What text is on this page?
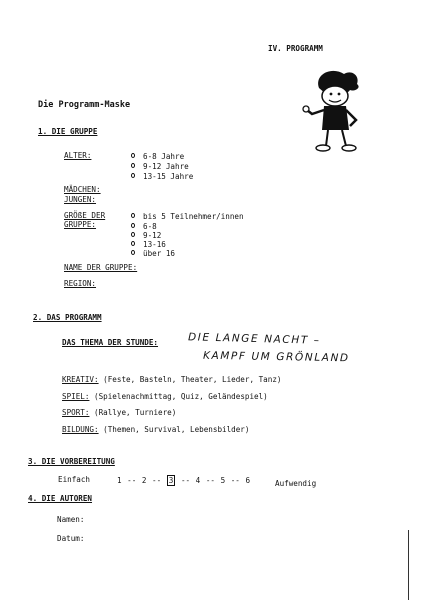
IV. PROGRAMM
Die Programm-Maske
1. DIE GRUPPE
ALTER:	6-8 Jahre
9-12 Jahre
13-15 Jahre
MÄDCHEN:
JUNGEN:
GRÖßE DER
GRUPPE:
bis 5 Teilnehmer/innen
6-8
9-12
13-16
über 16
NAME DER GRUPPE:
REGION:
2. DAS PROGRAMM
DAS THEMA DER STUNDE:	DIE LANGE NACHT –
KAMPF UM GRÖNLAND
KREATIV: (Feste, Basteln, Theater, Lieder, Tanz)
SPIEL: (Spielenachmittag, Quiz, Geländespiel)
SPORT: (Rallye, Turniere)
BILDUNG: (Themen, Survival, Lebensbilder)
3. DIE VORBEREITUNG
Einfach	1 -- 2 -- 3 -- 4 -- 5 -- 6	Aufwendig
4. DIE AUTOREN
Namen:
Datum:
